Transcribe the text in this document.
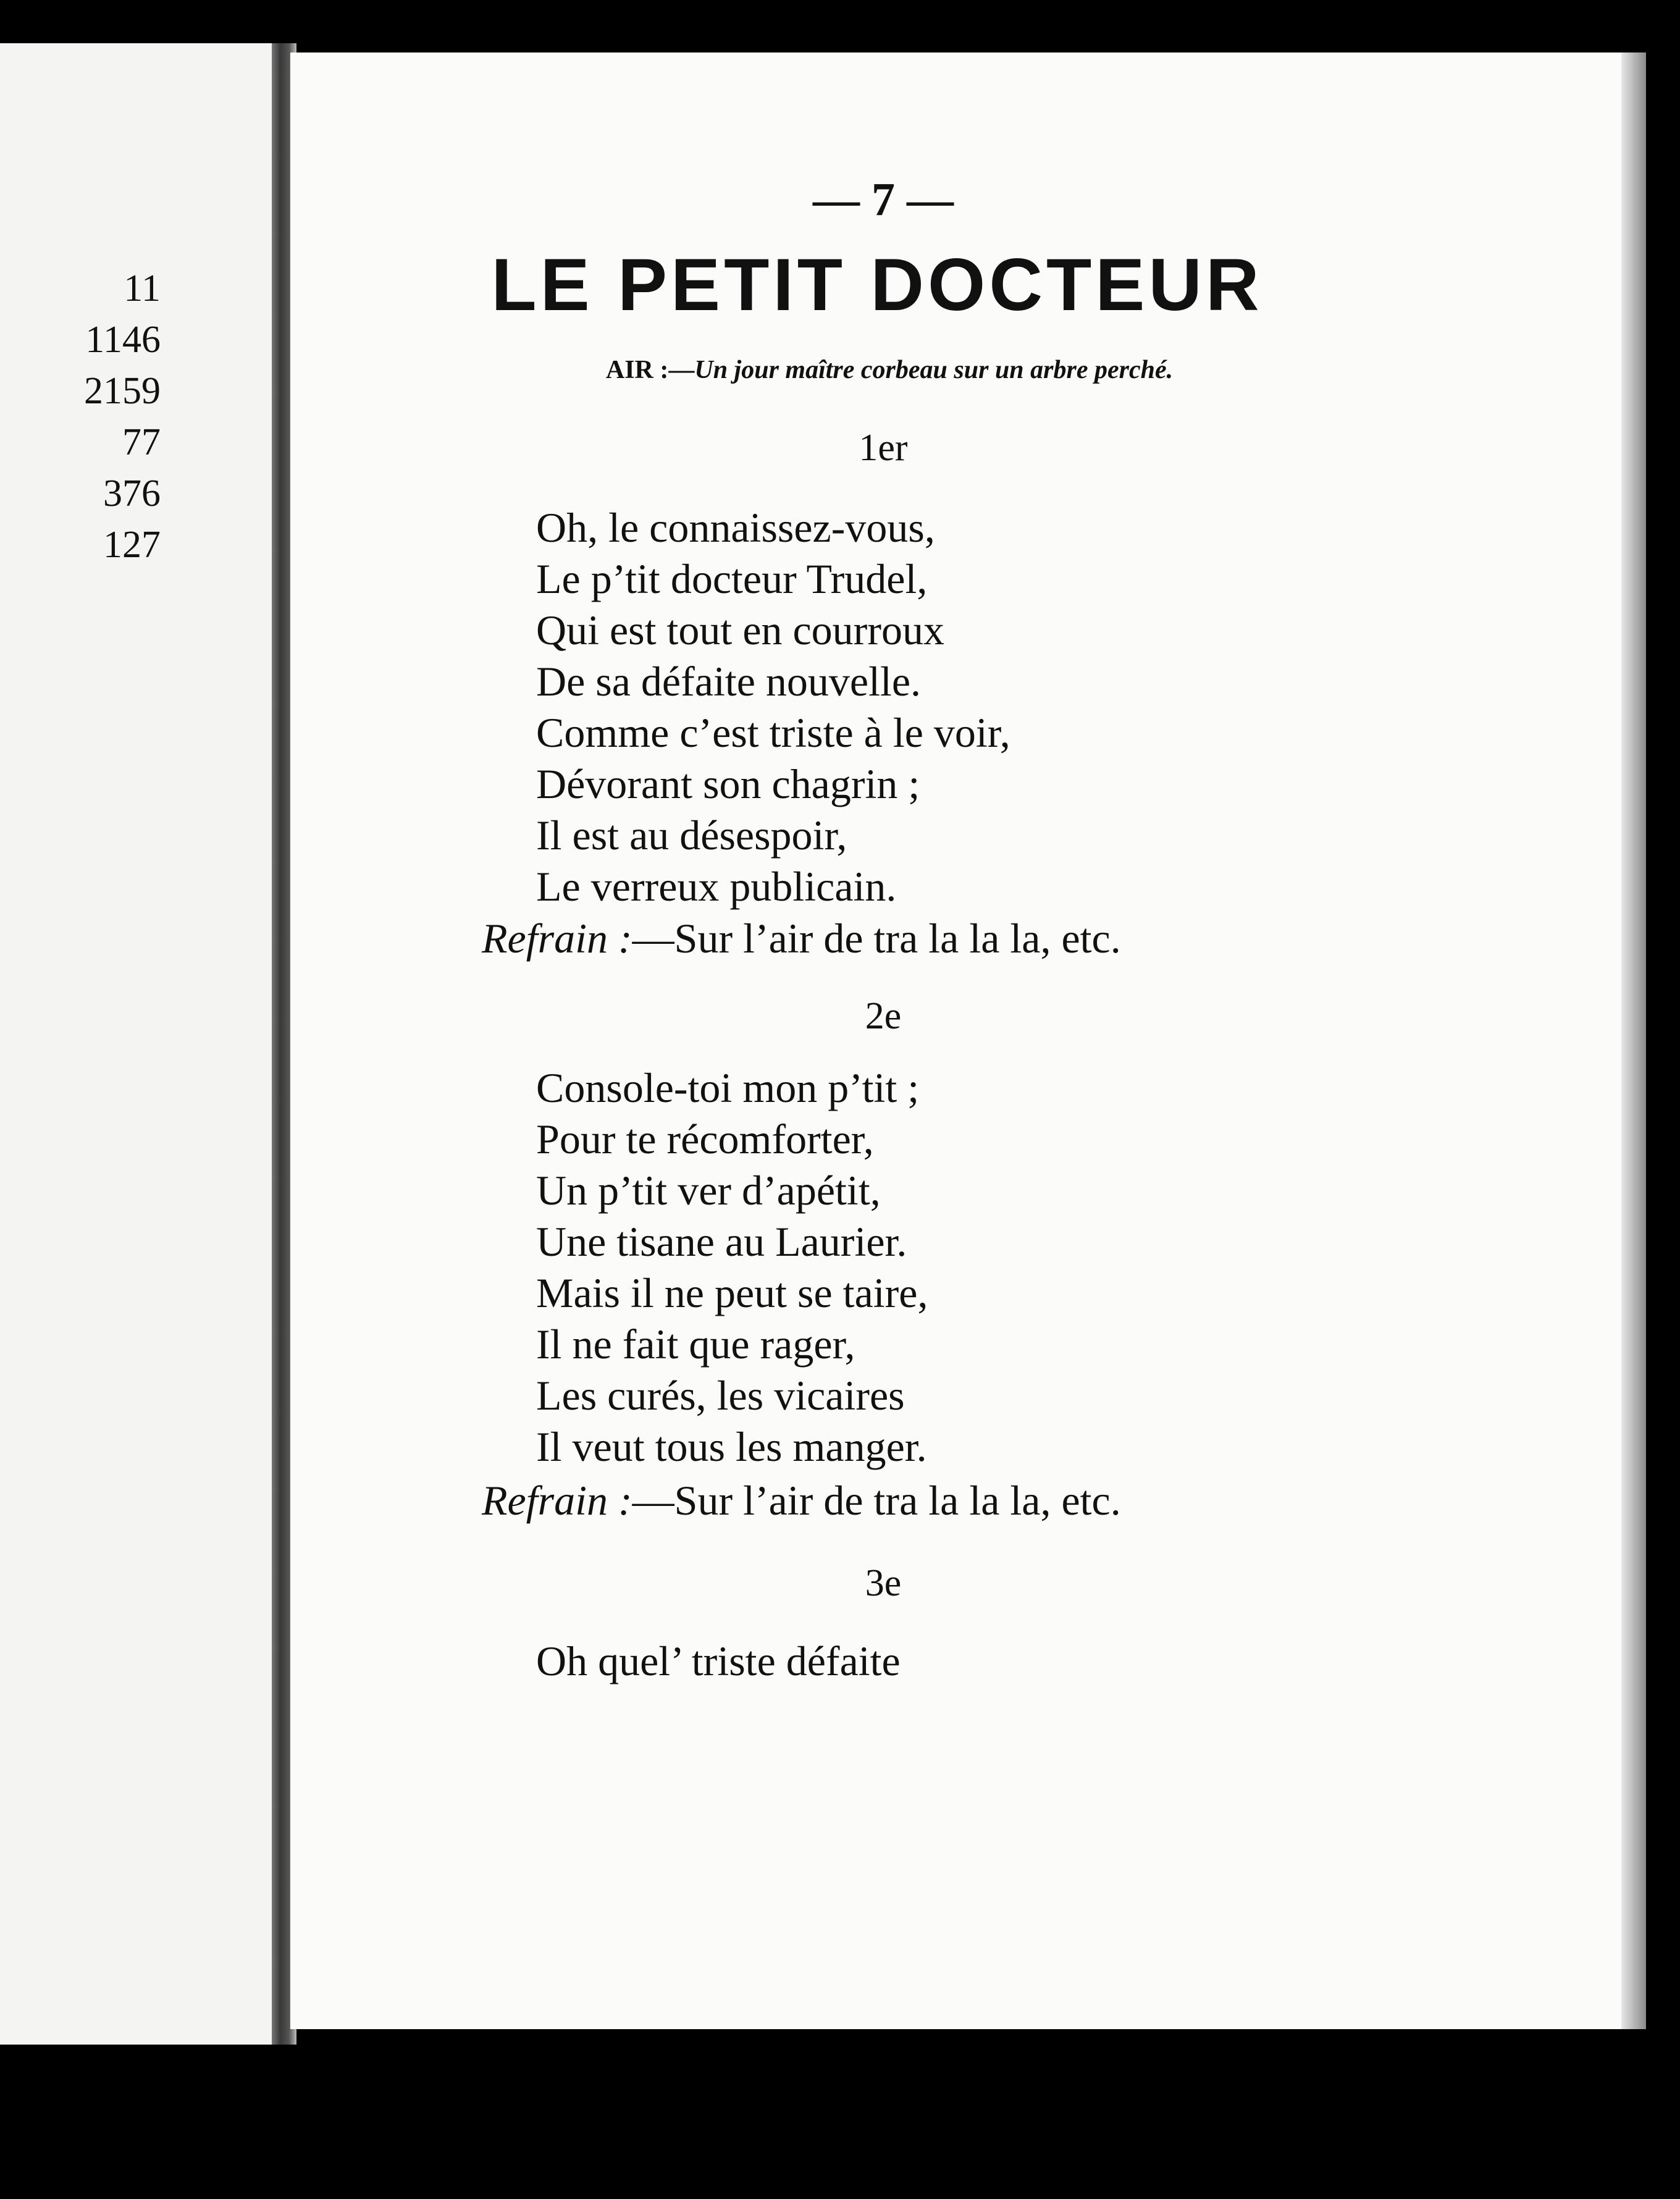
11
1146
2159
77
376
127
— 7 —
LE PETIT DOCTEUR
AIR :—Un jour maître corbeau sur un arbre perché.
1er
Oh, le connaissez-vous,
Le p’tit docteur Trudel,
Qui est tout en courroux
De sa défaite nouvelle.
Comme c’est triste à le voir,
Dévorant son chagrin ;
Il est au désespoir,
Le verreux publicain.
Refrain :—Sur l’air de tra la la la, etc.
2e
Console-toi mon p’tit ;
Pour te récomforter,
Un p’tit ver d’apétit,
Une tisane au Laurier.
Mais il ne peut se taire,
Il ne fait que rager,
Les curés, les vicaires
Il veut tous les manger.
Refrain :—Sur l’air de tra la la la, etc.
3e
Oh quel’ triste défaite
